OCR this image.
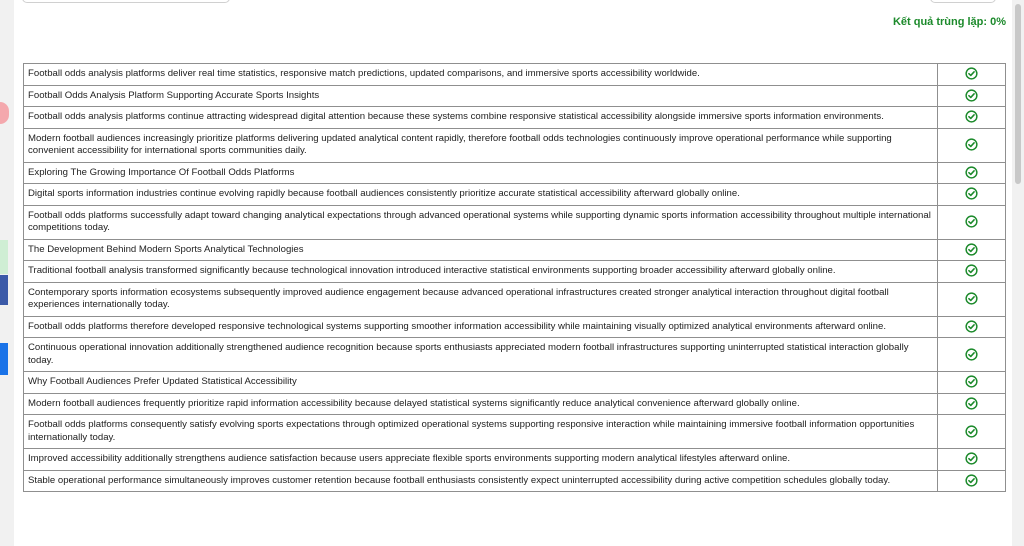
Kết quả trùng lặp: 0%
Football odds analysis platforms deliver real time statistics, responsive match predictions, updated comparisons, and immersive sports accessibility worldwide.	
Football Odds Analysis Platform Supporting Accurate Sports Insights	
Football odds analysis platforms continue attracting widespread digital attention because these systems combine responsive statistical accessibility alongside immersive sports information environments.	
Modern football audiences increasingly prioritize platforms delivering updated analytical content rapidly, therefore football odds technologies continuously improve operational performance while supporting convenient accessibility for international sports communities daily.	
Exploring The Growing Importance Of Football Odds Platforms	
Digital sports information industries continue evolving rapidly because football audiences consistently prioritize accurate statistical accessibility afterward globally online.	
Football odds platforms successfully adapt toward changing analytical expectations through advanced operational systems while supporting dynamic sports information accessibility throughout multiple international competitions today.	
The Development Behind Modern Sports Analytical Technologies	
Traditional football analysis transformed significantly because technological innovation introduced interactive statistical environments supporting broader accessibility afterward globally online.	
Contemporary sports information ecosystems subsequently improved audience engagement because advanced operational infrastructures created stronger analytical interaction throughout digital football experiences internationally today.	
Football odds platforms therefore developed responsive technological systems supporting smoother information accessibility while maintaining visually optimized analytical environments afterward online.	
Continuous operational innovation additionally strengthened audience recognition because sports enthusiasts appreciated modern football infrastructures supporting uninterrupted statistical interaction globally today.	
Why Football Audiences Prefer Updated Statistical Accessibility	
Modern football audiences frequently prioritize rapid information accessibility because delayed statistical systems significantly reduce analytical convenience afterward globally online.	
Football odds platforms consequently satisfy evolving sports expectations through optimized operational systems supporting responsive interaction while maintaining immersive football information opportunities internationally today.	
Improved accessibility additionally strengthens audience satisfaction because users appreciate flexible sports environments supporting modern analytical lifestyles afterward online.	
Stable operational performance simultaneously improves customer retention because football enthusiasts consistently expect uninterrupted accessibility during active competition schedules globally today.	
